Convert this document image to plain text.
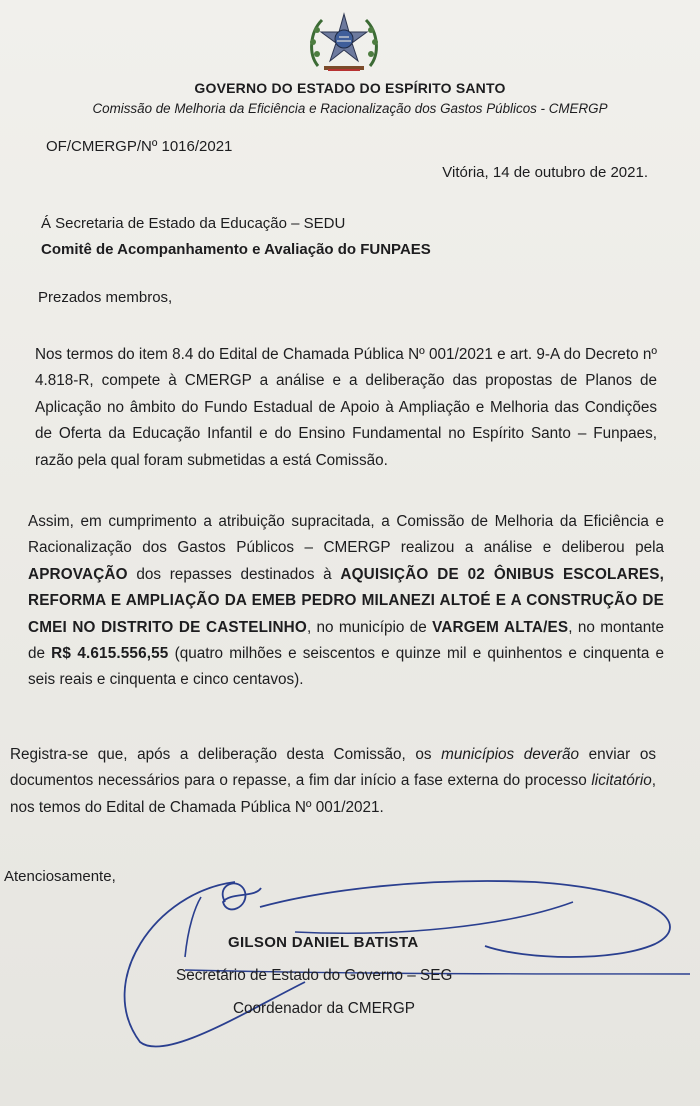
GOVERNO DO ESTADO DO ESPÍRITO SANTO
Comissão de Melhoria da Eficiência e Racionalização dos Gastos Públicos - CMERGP
OF/CMERGP/Nº 1016/2021
Vitória, 14 de outubro de 2021.
Á Secretaria de Estado da Educação – SEDU
Comitê de Acompanhamento e Avaliação do FUNPAES
Prezados membros,
Nos termos do item 8.4 do Edital de Chamada Pública Nº 001/2021 e art. 9-A do Decreto nº 4.818-R, compete à CMERGP a análise e a deliberação das propostas de Planos de Aplicação no âmbito do Fundo Estadual de Apoio à Ampliação e Melhoria das Condições de Oferta da Educação Infantil e do Ensino Fundamental no Espírito Santo – Funpaes, razão pela qual foram submetidas a está Comissão.
Assim, em cumprimento a atribuição supracitada, a Comissão de Melhoria da Eficiência e Racionalização dos Gastos Públicos – CMERGP realizou a análise e deliberou pela APROVAÇÃO dos repasses destinados à AQUISIÇÃO DE 02 ÔNIBUS ESCOLARES, REFORMA E AMPLIAÇÃO DA EMEB PEDRO MILANEZI ALTOÉ E A CONSTRUÇÃO DE CMEI NO DISTRITO DE CASTELINHO, no município de VARGEM ALTA/ES, no montante de R$ 4.615.556,55 (quatro milhões e seiscentos e quinze mil e quinhentos e cinquenta e seis reais e cinquenta e cinco centavos).
Registra-se que, após a deliberação desta Comissão, os municípios deverão enviar os documentos necessários para o repasse, a fim dar início a fase externa do processo licitatório, nos temos do Edital de Chamada Pública Nº 001/2021.
Atenciosamente,
GILSON DANIEL BATISTA
Secretário de Estado do Governo – SEG
Coordenador da CMERGP
